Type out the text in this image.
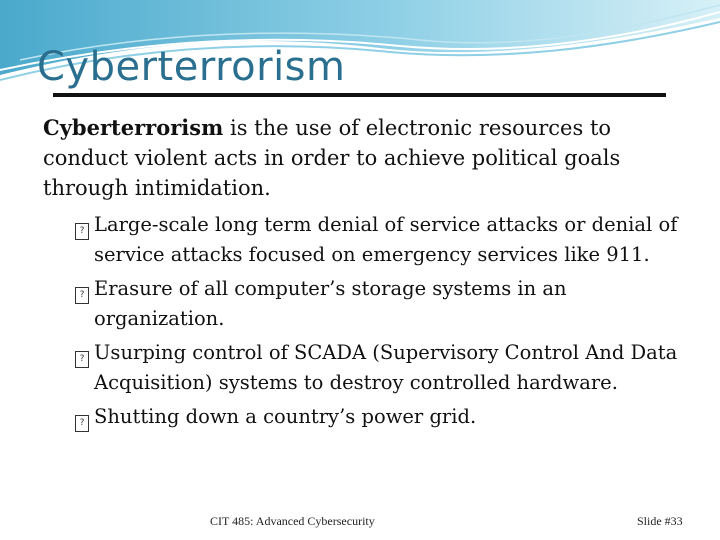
Cyberterrorism
Cyberterrorism is the use of electronic resources to conduct violent acts in order to achieve political goals through intimidation.
? Large-scale long term denial of service attacks or denial of service attacks focused on emergency services like 911.
? Erasure of all computer’s storage systems in an organization.
? Usurping control of SCADA (Supervisory Control And Data Acquisition) systems to destroy controlled hardware.
? Shutting down a country’s power grid.
CIT 485: Advanced Cybersecurity	Slide #33
